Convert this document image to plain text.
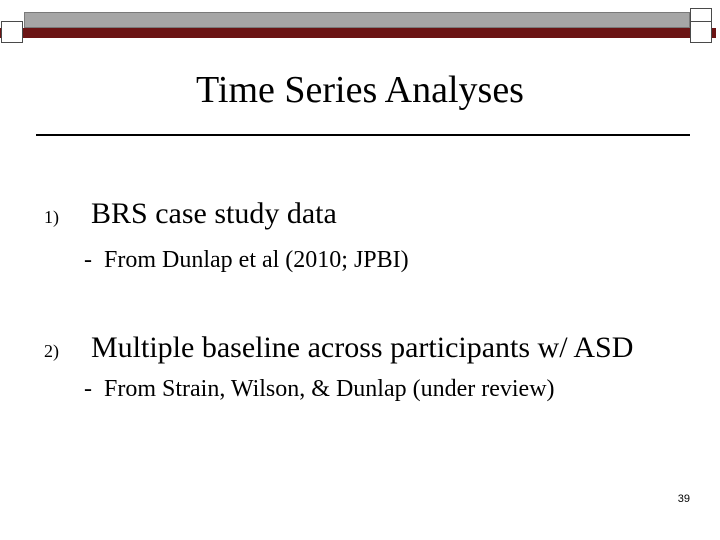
Time Series Analyses
1) BRS case study data
- From Dunlap et al (2010; JPBI)
2) Multiple baseline across participants w/ ASD
- From Strain, Wilson, & Dunlap (under review)
39
